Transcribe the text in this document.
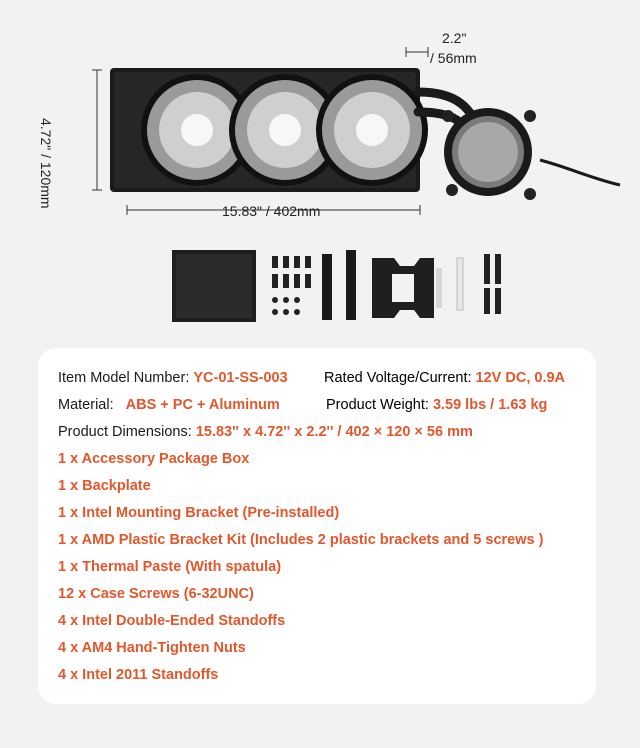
2.2"
/ 56mm
4.72" / 120mm
15.83" / 402mm
Item Model Number: YC-01-SS-003	Rated Voltage/Current: 12V DC, 0.9A
Material: ABS + PC + Aluminum	Product Weight: 3.59 lbs / 1.63 kg
Product Dimensions: 15.83'' x 4.72'' x 2.2'' / 402 × 120 × 56 mm
1 x Accessory Package Box
1 x Backplate
1 x Intel Mounting Bracket (Pre-installed)
1 x AMD Plastic Bracket Kit (Includes 2 plastic brackets and 5 screws )
1 x Thermal Paste (With spatula)
12 x Case Screws (6-32UNC)
4 x Intel Double-Ended Standoffs
4 x AM4 Hand-Tighten Nuts
4 x Intel 2011 Standoffs
